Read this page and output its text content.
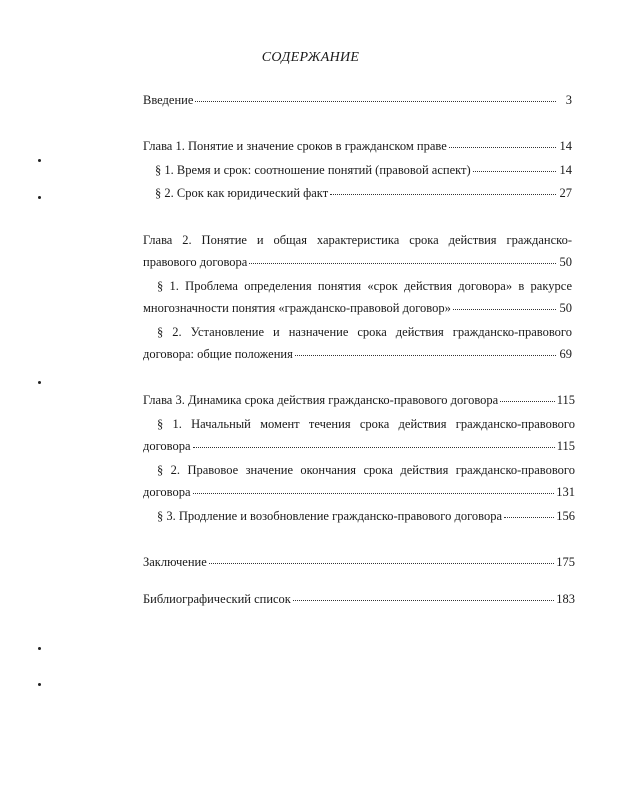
СОДЕРЖАНИЕ
Введение	3
Глава 1. Понятие и значение сроков в гражданском праве	14
§ 1. Время и срок: соотношение понятий (правовой аспект)	14
§ 2. Срок как юридический факт	27
Глава 2. Понятие и общая характеристика срока действия гражданско-
правового договора	50
§ 1. Проблема определения понятия «срок действия договора» в ракурсе
многозначности понятия «гражданско-правовой договор»	50
§ 2. Установление и назначение срока действия гражданско-правового
договора: общие положения	69
Глава 3. Динамика срока действия гражданско-правового договора	115
§ 1. Начальный момент течения срока действия гражданско-правового
договора	115
§ 2. Правовое значение окончания срока действия гражданско-правового
договора	131
§ 3. Продление и возобновление гражданско-правового договора	156
Заключение	175
Библиографический список	183
